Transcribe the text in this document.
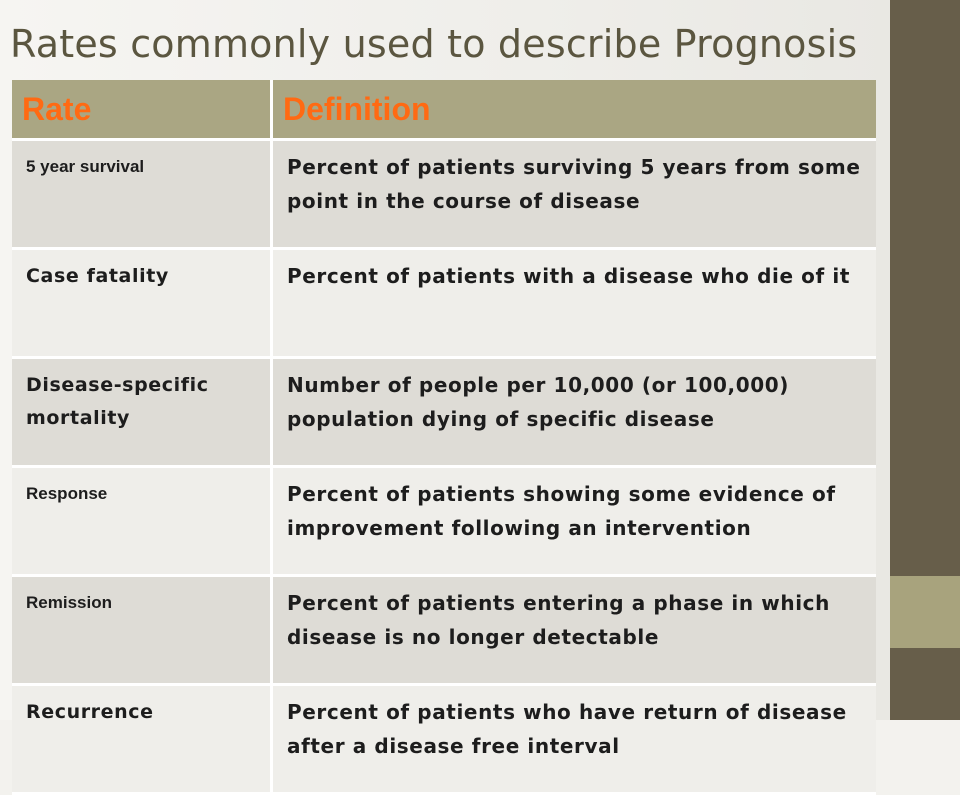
Rates commonly used to describe Prognosis
Rate	Definition
5 year survival	Percent of patients surviving 5 years from some point in the course of disease
Case fatality	Percent of patients with a disease who die of it
Disease-specific mortality	Number of people per 10,000 (or 100,000) population dying of specific disease
Response	Percent of patients showing some evidence of improvement following an intervention
Remission	Percent of patients entering a phase in which disease is no longer detectable
Recurrence	Percent of patients who have return of disease after a disease free interval
